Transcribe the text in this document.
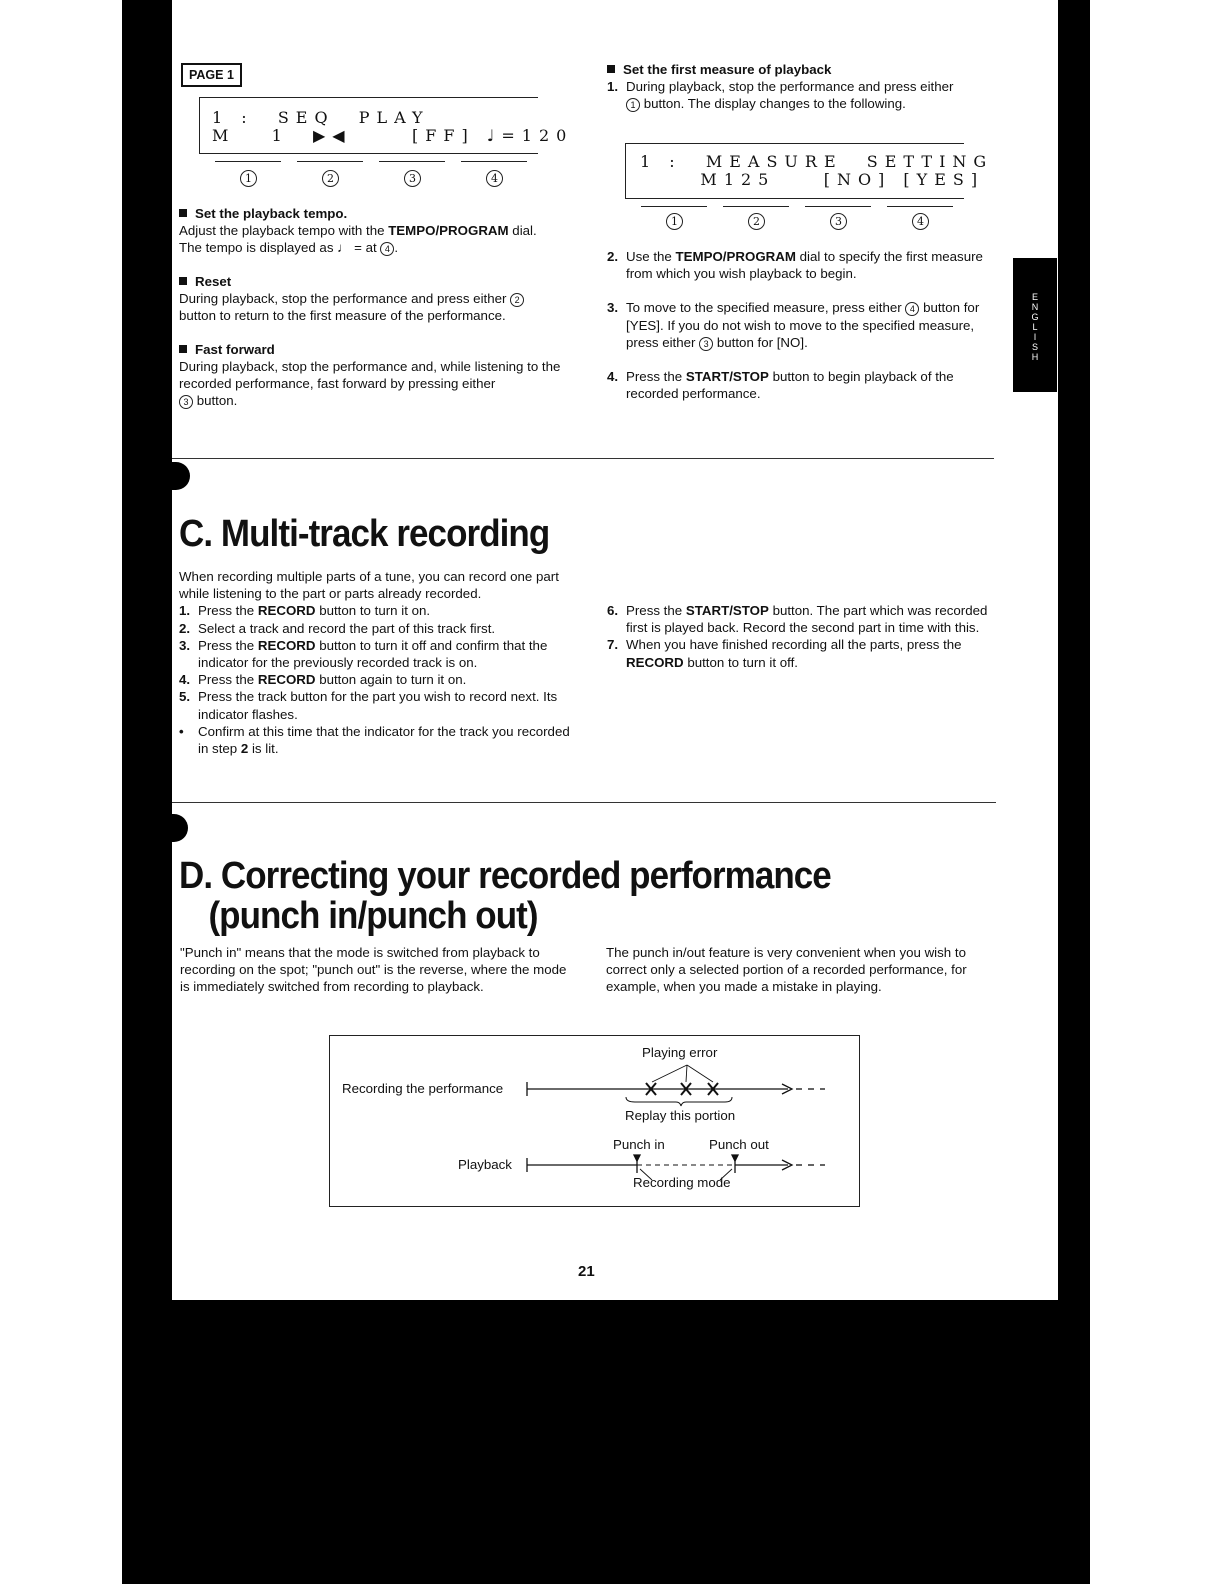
E
N
G
L
I
S
H
PAGE 1
1 :  SEQ  PLAY
M   1  ▶◀     [FF] ♩=120
1	2	3	4
Set the playback tempo.
Adjust the playback tempo with the TEMPO/PROGRAM dial.
The tempo is displayed as ♩ = at 4 .
Reset
During playback, stop the performance and press either 2
button to return to the first measure of the performance.
Fast forward
During playback, stop the performance and, while listening to the recorded performance, fast forward by pressing either
3 button.
Set the first measure of playback
1. During playback, stop the performance and press either
1 button. The display changes to the following.
1 :  MEASURE  SETTING
M125    [NO] [YES]
1	2	3	4
2. Use the TEMPO/PROGRAM dial to specify the first measure from which you wish playback to begin.
3. To move to the specified measure, press either 4 button for [YES]. If you do not wish to move to the specified measure, press either 3 button for [NO].
4. Press the START/STOP button to begin playback of the recorded performance.
C. Multi-track recording
When recording multiple parts of a tune, you can record one part while listening to the part or parts already recorded.
1. Press the RECORD button to turn it on.
2. Select a track and record the part of this track first.
3. Press the RECORD button to turn it off and confirm that the indicator for the previously recorded track is on.
4. Press the RECORD button again to turn it on.
5. Press the track button for the part you wish to record next. Its indicator flashes.
• Confirm at this time that the indicator for the track you recorded in step 2 is lit.
6. Press the START/STOP button. The part which was recorded first is played back. Record the second part in time with this.
7. When you have finished recording all the parts, press the RECORD button to turn it off.
D. Correcting your recorded performance
(punch in/punch out)
"Punch in" means that the mode is switched from playback to recording on the spot; "punch out" is the reverse, where the mode is immediately switched from recording to playback.
The punch in/out feature is very convenient when you wish to correct only a selected portion of a recorded performance, for example, when you made a mistake in playing.
Playing error
Recording the performance
Replay this portion
Punch in	Punch out
Playback
Recording mode
21
